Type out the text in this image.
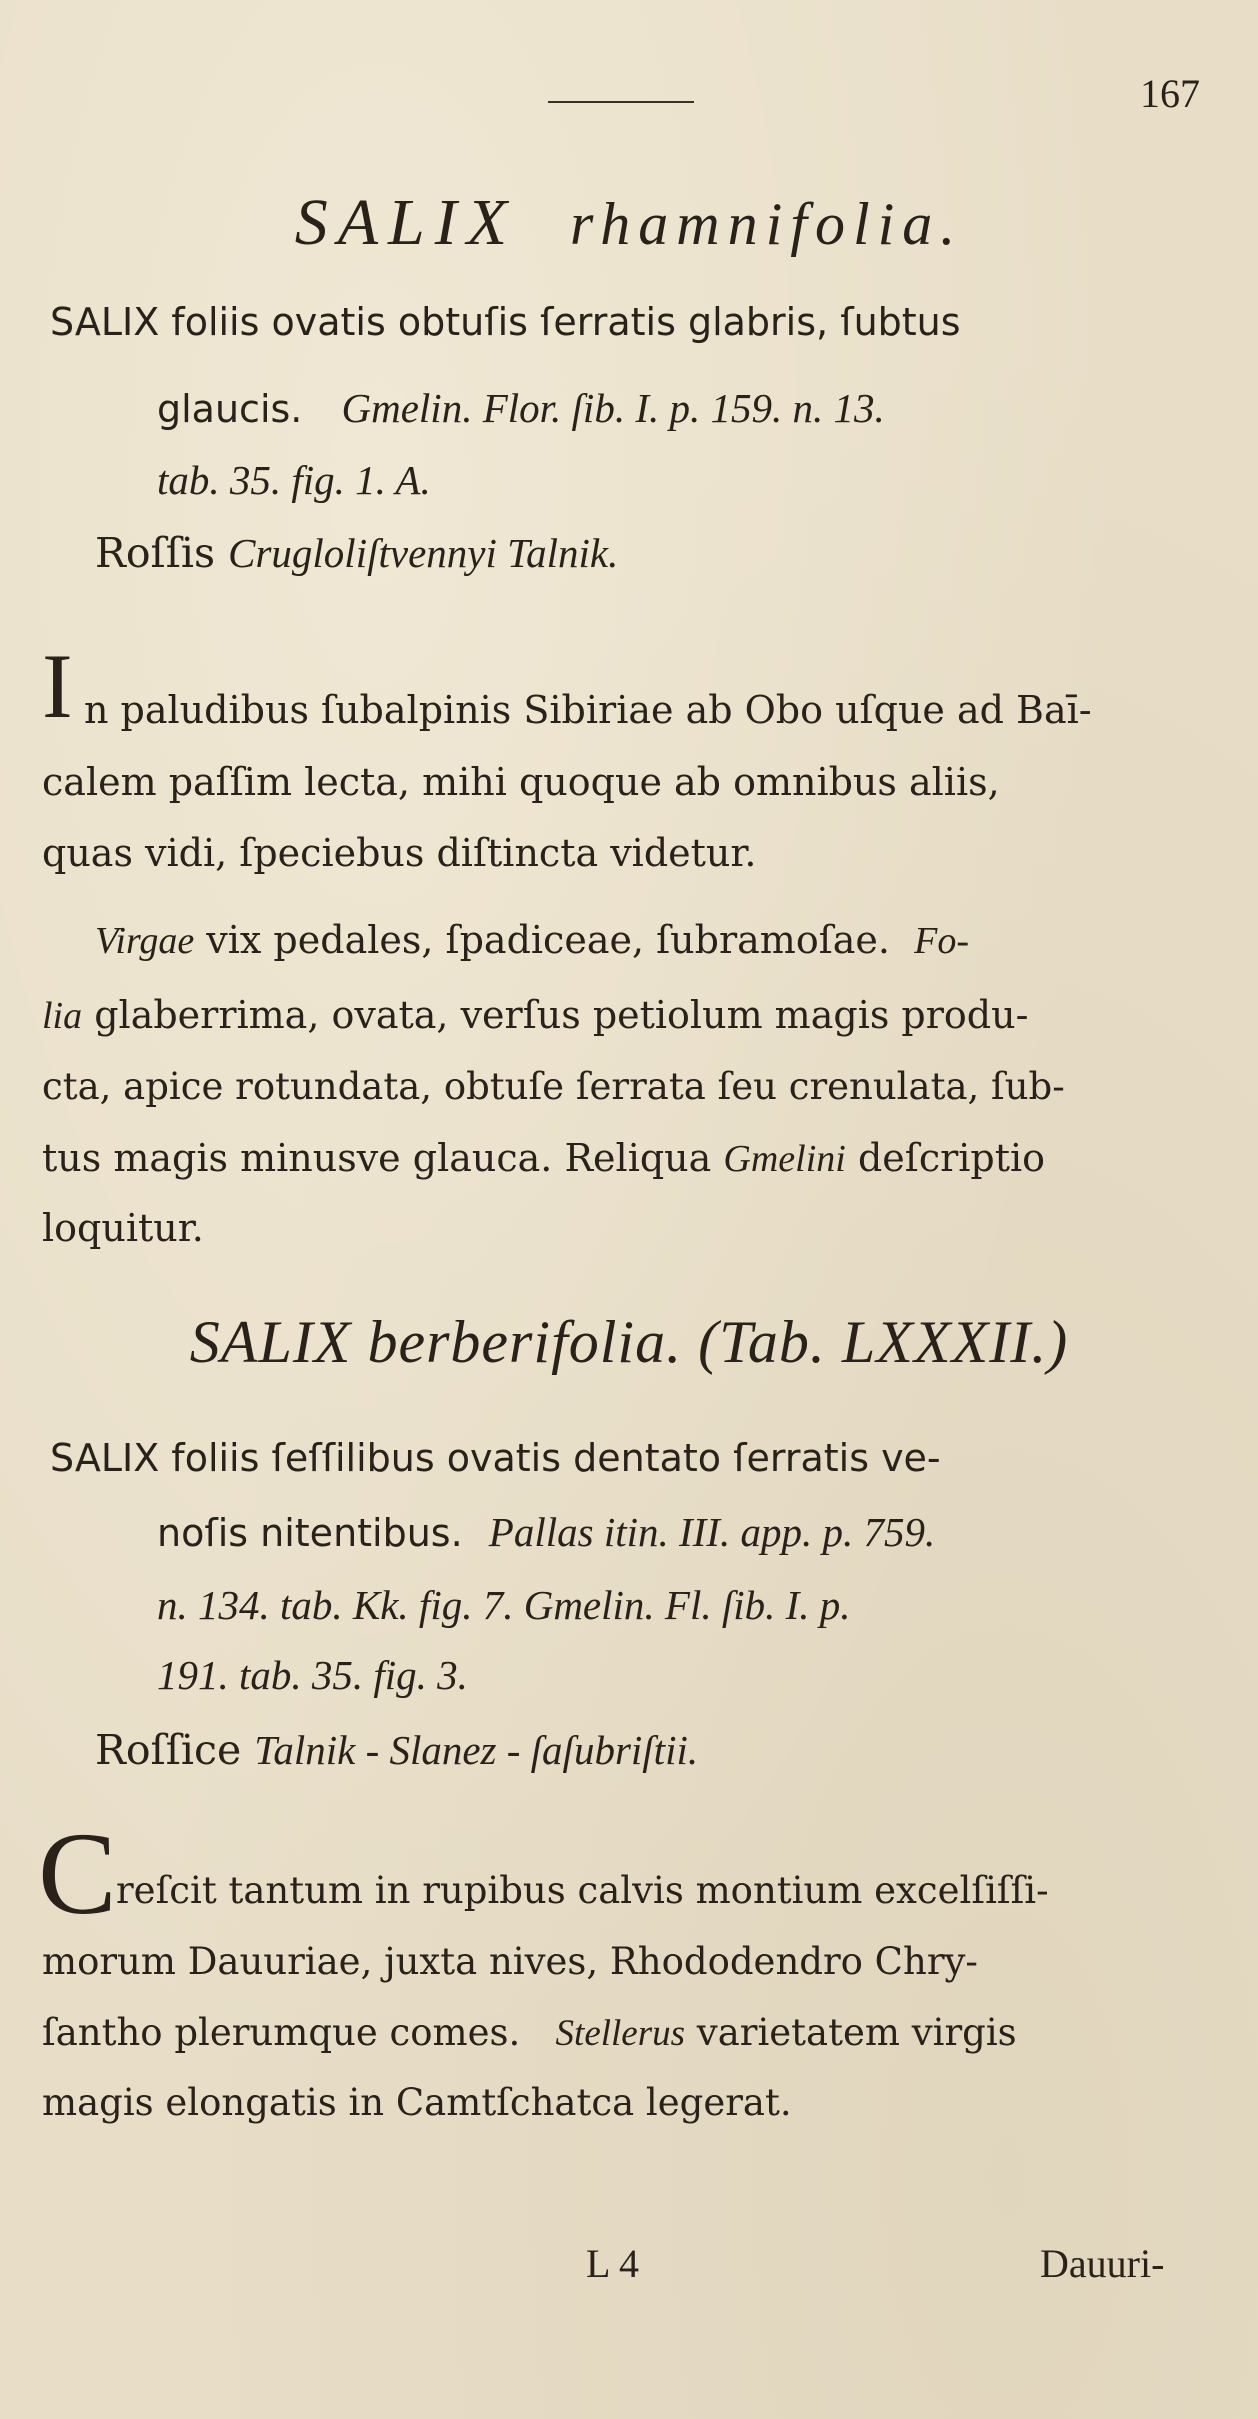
167
SALIX rhamnifolia.
SALIX foliis ovatis obtuſis ſerratis glabris, ſubtus
glaucis. Gmelin. Flor. ſib. I. p. 159. n. 13.
tab. 35. fig. 1. A.
Roſſis Crugloliſtvennyi Talnik.
I n paludibus ſubalpinis Sibiriae ab Obo uſque ad Baī-
calem paſſim lecta, mihi quoque ab omnibus aliis,
quas vidi, ſpeciebus diſtincta videtur.
Virgae vix pedales, ſpadiceae, ſubramoſae. Fo-
lia glaberrima, ovata, verſus petiolum magis produ-
cta, apice rotundata, obtuſe ſerrata ſeu crenulata, ſub-
tus magis minusve glauca. Reliqua Gmelini deſcriptio
loquitur.
SALIX berberifolia. (Tab. LXXXII.)
SALIX foliis ſeſſilibus ovatis dentato ſerratis ve-
noſis nitentibus. Pallas itin. III. app. p. 759.
n. 134. tab. Kk. fig. 7. Gmelin. Fl. ſib. I. p.
191. tab. 35. fig. 3.
Roſſice Talnik - Slanez - ſaſubriſtii.
C reſcit tantum in rupibus calvis montium excelſiſſi-
morum Dauuriae, juxta nives, Rhododendro Chry-
ſantho plerumque comes. Stellerus varietatem virgis
magis elongatis in Camtſchatca legerat.
L 4	Dauuri-
